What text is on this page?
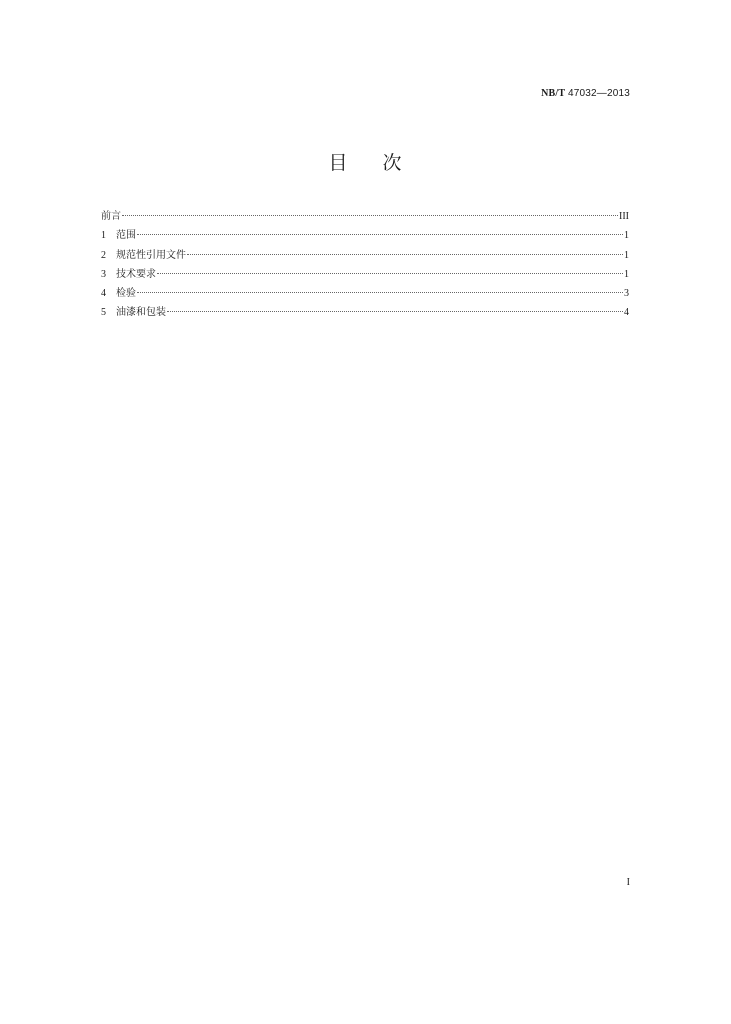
NB/T 47032—2013
目 次
前言	III
1	范围	1
2	规范性引用文件	1
3	技术要求	1
4	检验	3
5	油漆和包装	4
I
